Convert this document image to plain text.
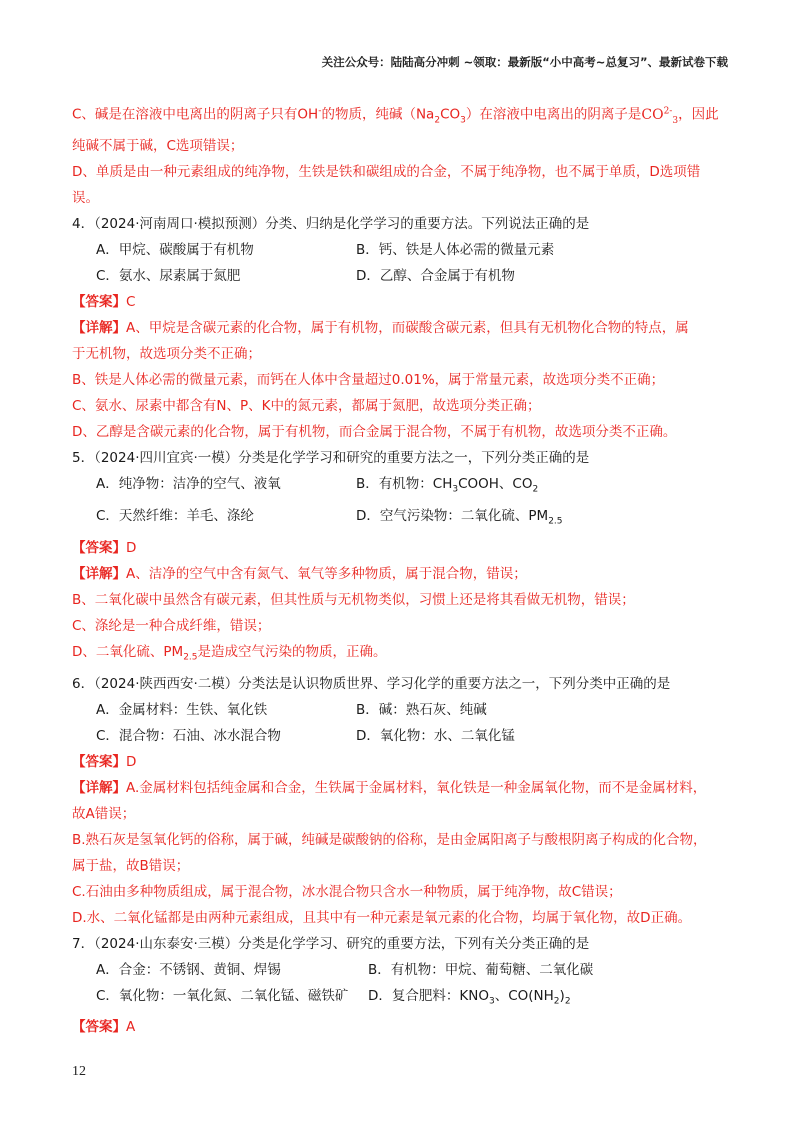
关注公众号：陆陆高分冲刺 ~领取：最新版“小中高考~总复习”、最新试卷下载

C、碱是在溶液中电离出的阴离子只有OH-的物质，纯碱$(Na_2CO_3)$在溶液中电离出的阴离子是$CO^{2-}_3$，因此

纯碱不属于碱，C选项错误；

D、单质是由一种元素组成的纯净物，生铁是铁和碳组成的合金，不属于纯净物，也不属于单质，D选项错

误。

4．（2024·河南周口·模拟预测）分类、归纳是化学学习的重要方法。下列说法正确的是

A．甲烷、碳酸属于有机物	B．钙、铁是人体必需的微量元素
C．氨水、尿素属于氮肥	D．乙醇、合金属于有机物

【答案】C

【详解】A、甲烷是含碳元素的化合物，属于有机物，而碳酸含碳元素，但具有无机物化合物的特点，属

于无机物，故选项分类不正确；

B、铁是人体必需的微量元素，而钙在人体中含量超过0.01%，属于常量元素，故选项分类不正确；

C、氨水、尿素中都含有N、P、K中的氮元素，都属于氮肥，故选项分类正确；

D、乙醇是含碳元素的化合物，属于有机物，而合金属于混合物，不属于有机物，故选项分类不正确。

5．（2024·四川宜宾·一模）分类是化学学习和研究的重要方法之一，下列分类正确的是

A．纯净物：洁净的空气、液氧	B．有机物：$CH_3COOH$、$CO_2$
C．天然纤维：羊毛、涤纶	D．空气污染物：二氧化硫、$PM_{2.5}$

【答案】D

【详解】A、洁净的空气中含有氮气、氧气等多种物质，属于混合物，错误；

B、二氧化碳中虽然含有碳元素，但其性质与无机物类似，习惯上还是将其看做无机物，错误；

C、涤纶是一种合成纤维，错误；

D、二氧化硫、$PM_{2.5}$是造成空气污染的物质，正确。

6．（2024·陕西西安·二模）分类法是认识物质世界、学习化学的重要方法之一，下列分类中正确的是

A．金属材料：生铁、氧化铁	B．碱：熟石灰、纯碱
C．混合物：石油、冰水混合物	D．氧化物：水、二氧化锰

【答案】D

【详解】A.金属材料包括纯金属和合金，生铁属于金属材料，氧化铁是一种金属氧化物，而不是金属材料，

故A错误；

B.熟石灰是氢氧化钙的俗称，属于碱，纯碱是碳酸钠的俗称，是由金属阳离子与酸根阴离子构成的化合物，

属于盐，故B错误；

C.石油由多种物质组成，属于混合物，冰水混合物只含水一种物质，属于纯净物，故C错误；

D.水、二氧化锰都是由两种元素组成，且其中有一种元素是氧元素的化合物，均属于氧化物，故D正确。

7．（2024·山东泰安·三模）分类是化学学习、研究的重要方法，下列有关分类正确的是

A．合金：不锈钢、黄铜、焊锡	B．有机物：甲烷、葡萄糖、二氧化碳
C．氧化物：一氧化氮、二氧化锰、磁铁矿	D．复合肥料：$KNO_3$、$CO(NH_2)_2$

【答案】A

12
